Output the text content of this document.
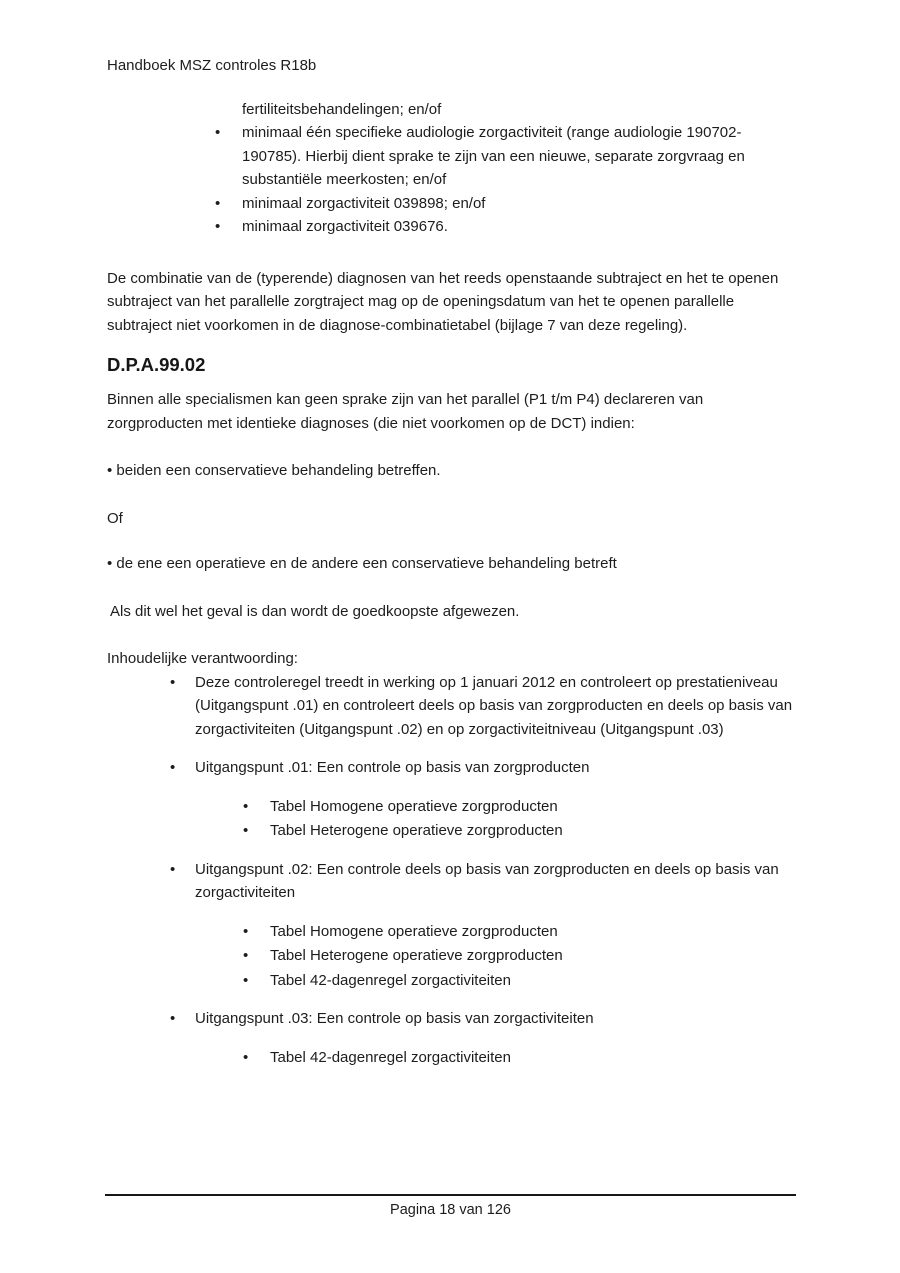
Handboek MSZ controles R18b
fertiliteitsbehandelingen; en/of
• minimaal één specifieke audiologie zorgactiviteit (range audiologie 190702-190785). Hierbij dient sprake te zijn van een nieuwe, separate zorgvraag en substantiële meerkosten; en/of
• minimaal zorgactiviteit 039898; en/of
• minimaal zorgactiviteit 039676.

De combinatie van de (typerende) diagnosen van het reeds openstaande subtraject en het te openen subtraject van het parallelle zorgtraject mag op de openingsdatum van het te openen parallelle subtraject niet voorkomen in de diagnose-combinatietabel (bijlage 7 van deze regeling).

D.P.A.99.02

Binnen alle specialismen kan geen sprake zijn van het parallel (P1 t/m P4) declareren van zorgproducten met identieke diagnoses (die niet voorkomen op de DCT) indien:

• beiden een conservatieve behandeling betreffen.

Of

• de ene een operatieve en de andere een conservatieve behandeling betreft

Als dit wel het geval is dan wordt de goedkoopste afgewezen.

Inhoudelijke verantwoording:

• Deze controleregel treedt in werking op 1 januari 2012 en controleert op prestatieniveau (Uitgangspunt .01) en controleert deels op basis van zorgproducten en deels op basis van zorgactiviteiten (Uitgangspunt .02) en op zorgactiviteitniveau (Uitgangspunt .03)
• Uitgangspunt .01: Een controle op basis van zorgproducten
• Tabel Homogene operatieve zorgproducten
• Tabel Heterogene operatieve zorgproducten
• Uitgangspunt .02: Een controle deels op basis van zorgproducten en deels op basis van zorgactiviteiten
• Tabel Homogene operatieve zorgproducten
• Tabel Heterogene operatieve zorgproducten
• Tabel 42-dagenregel zorgactiviteiten
• Uitgangspunt .03: Een controle op basis van zorgactiviteiten
• Tabel 42-dagenregel zorgactiviteiten
Pagina 18 van 126
